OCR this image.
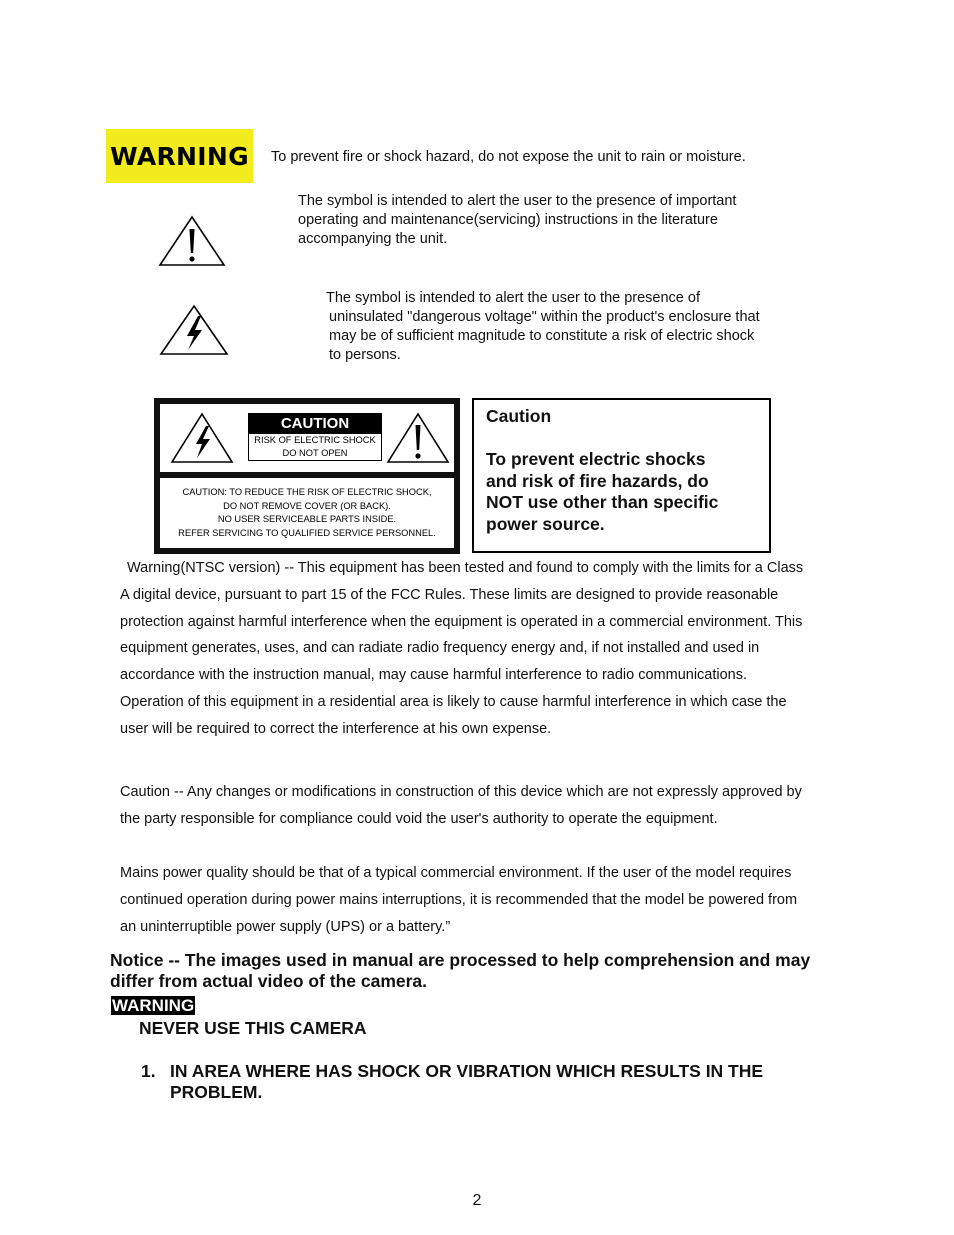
WARNING To prevent fire or shock hazard, do not expose the unit to rain or moisture.
The symbol is intended to alert the user to the presence of important
operating and maintenance(servicing) instructions in the literature
accompanying the unit.
The symbol is intended to alert the user to the presence of
uninsulated "dangerous voltage" within the product's enclosure that
may be of sufficient magnitude to constitute a risk of electric shock
to persons.
CAUTION
RISK OF ELECTRIC SHOCK
DO NOT OPEN
CAUTION: TO REDUCE THE RISK OF ELECTRIC SHOCK,
DO NOT REMOVE COVER (OR BACK).
NO USER SERVICEABLE PARTS INSIDE.
REFER SERVICING TO QUALIFIED SERVICE PERSONNEL.
Caution
To prevent electric shocks
and risk of fire hazards, do
NOT use other than specific
power source.
Warning(NTSC version) -- This equipment has been tested and found to comply with the limits for a Class
A digital device, pursuant to part 15 of the FCC Rules. These limits are designed to provide reasonable
protection against harmful interference when the equipment is operated in a commercial environment. This
equipment generates, uses, and can radiate radio frequency energy and, if not installed and used in
accordance with the instruction manual, may cause harmful interference to radio communications.
Operation of this equipment in a residential area is likely to cause harmful interference in which case the
user will be required to correct the interference at his own expense.
Caution -- Any changes or modifications in construction of this device which are not expressly approved by
the party responsible for compliance could void the user's authority to operate the equipment.
Mains power quality should be that of a typical commercial environment. If the user of the model requires
continued operation during power mains interruptions, it is recommended that the model be powered from
an uninterruptible power supply (UPS) or a battery.”
Notice -- The images used in manual are processed to help comprehension and may
differ from actual video of the camera.
WARNING
NEVER USE THIS CAMERA
1. IN AREA WHERE HAS SHOCK OR VIBRATION WHICH RESULTS IN THE
PROBLEM.
2
